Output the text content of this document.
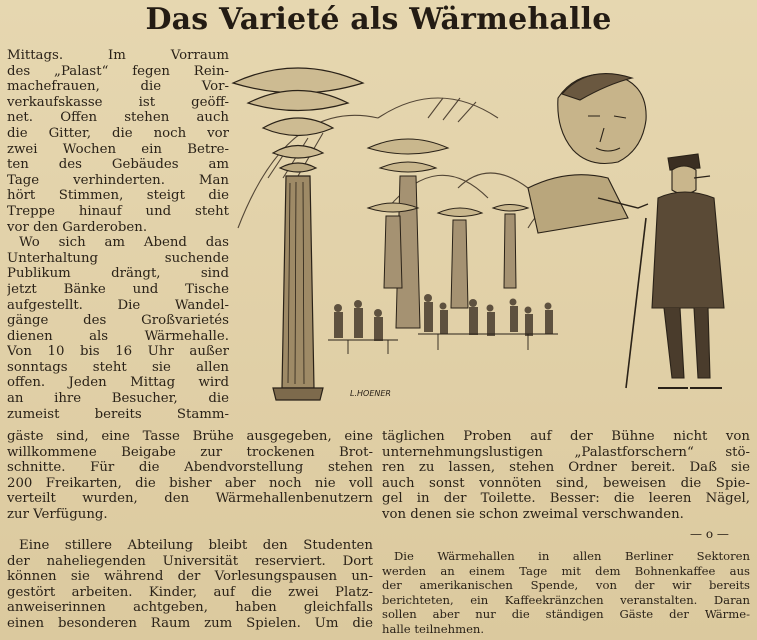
Das Varieté als Wärmehalle
Mittags. Im Vorraum
des „Palast“ fegen Rein-
machefrauen, die Vor-
verkaufskasse ist geöff-
net. Offen stehen auch
die Gitter, die noch vor
zwei Wochen ein Betre-
ten des Gebäudes am
Tage verhinderten. Man
hört Stimmen, steigt die
Treppe hinauf und steht
vor den Garderoben.
Wo sich am Abend das
Unterhaltung suchende
Publikum drängt, sind
jetzt Bänke und Tische
aufgestellt. Die Wandel-
gänge des Großvarietés
dienen als Wärmehalle.
Von 10 bis 16 Uhr außer
sonntags steht sie allen
offen. Jeden Mittag wird
an ihre Besucher, die
zumeist bereits Stamm-
L.HOENER
gäste sind, eine Tasse Brühe ausgegeben, eine
willkommene Beigabe zur trockenen Brot-
schnitte. Für die Abendvorstellung stehen
200 Freikarten, die bisher aber noch nie voll
verteilt wurden, den Wärmehallenbenutzern
zur Verfügung.
Eine stillere Abteilung bleibt den Studenten
der naheliegenden Universität reserviert. Dort
können sie während der Vorlesungspausen un-
gestört arbeiten. Kinder, auf die zwei Platz-
anweiserinnen achtgeben, haben gleichfalls
einen besonderen Raum zum Spielen. Um die
täglichen Proben auf der Bühne nicht von
unternehmungslustigen „Palastforschern“ stö-
ren zu lassen, stehen Ordner bereit. Daß sie
auch sonst vonnöten sind, beweisen die Spie-
gel in der Toilette. Besser: die leeren Nägel,
von denen sie schon zweimal verschwanden.
— o —
Die Wärmehallen in allen Berliner Sektoren
werden an einem Tage mit dem Bohnenkaffee aus
der amerikanischen Spende, von der wir bereits
berichteten, ein Kaffeekränzchen veranstalten. Daran
sollen aber nur die ständigen Gäste der Wärme-
halle teilnehmen.
